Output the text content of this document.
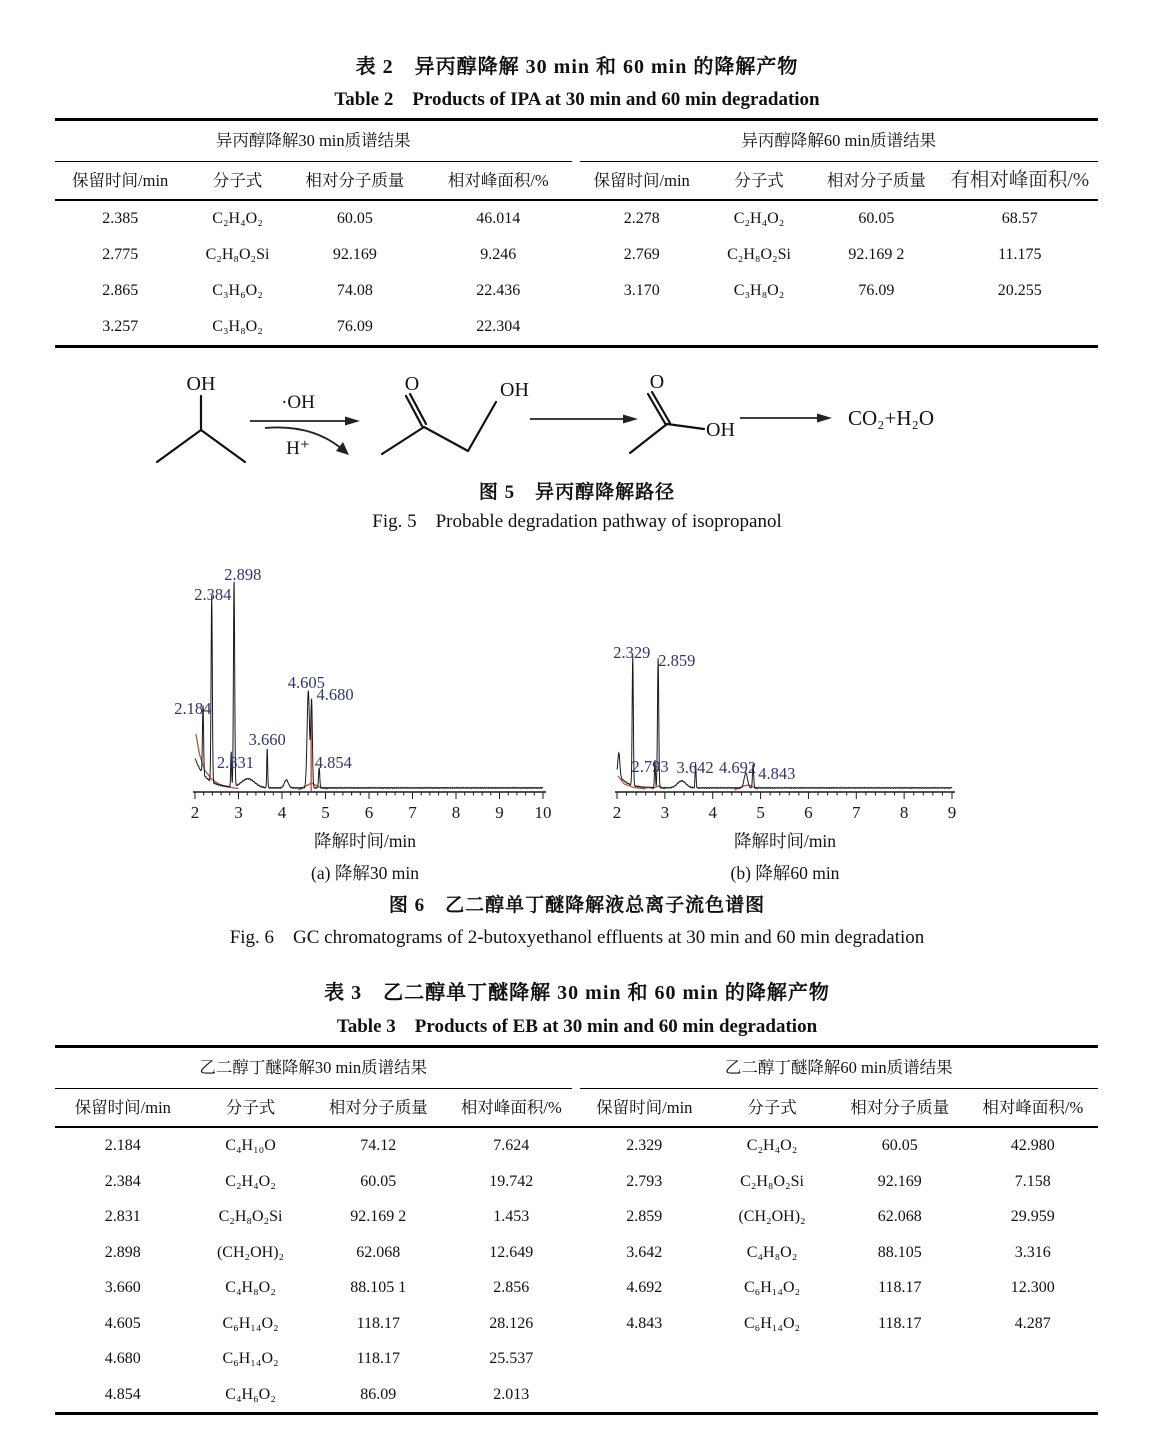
表 2　异丙醇降解 30 min 和 60 min 的降解产物
Table 2　Products of IPA at 30 min and 60 min degradation
异丙醇降解30 min质谱结果
保留时间/min	分子式	相对分子质量	相对峰面积/%
2.385	C₂H₄O₂	60.05	46.014
2.775	C₂H₈O₂Si	92.169	9.246
2.865	C₃H₆O₂	74.08	22.436
3.257	C₃H₈O₂	76.09	22.304
异丙醇降解60 min质谱结果
保留时间/min	分子式	相对分子质量	有相对峰面积/%
2.278	C₂H₄O₂	60.05	68.57
2.769	C₂H₈O₂Si	92.169 2	11.175
3.170	C₃H₈O₂	76.09	20.255
OH
·OH
H⁺
O	OH	O
OH	CO₂+H₂O
图 5　异丙醇降解路径
Fig. 5　Probable degradation pathway of isopropanol
2 3 4 5 6 7 8 9 10
2.184
2.384
2.831
2.898
3.660
4.605
4.680
4.854
降解时间/min
(a) 降解30 min
2 3 4 5 6 7 8 9
2.329
2.793
2.859
3.642 4.692 4.843
降解时间/min
(b) 降解60 min
图 6　乙二醇单丁醚降解液总离子流色谱图
Fig. 6　GC chromatograms of 2-butoxyethanol effluents at 30 min and 60 min degradation
表 3　乙二醇单丁醚降解 30 min 和 60 min 的降解产物
Table 3　Products of EB at 30 min and 60 min degradation
乙二醇丁醚降解30 min质谱结果
保留时间/min	分子式	相对分子质量	相对峰面积/%
2.184	C₄H₁₀O	74.12	7.624
2.384	C₂H₄O₂	60.05	19.742
2.831	C₂H₈O₂Si	92.169 2	1.453
2.898	(CH₂OH)₂	62.068	12.649
3.660	C₄H₈O₂	88.105 1	2.856
4.605	C₆H₁₄O₂	118.17	28.126
4.680	C₆H₁₄O₂	118.17	25.537
4.854	C₄H₆O₂	86.09	2.013
乙二醇丁醚降解60 min质谱结果
保留时间/min	分子式	相对分子质量	相对峰面积/%
2.329	C₂H₄O₂	60.05	42.980
2.793	C₂H₈O₂Si	92.169	7.158
2.859	(CH₂OH)₂	62.068	29.959
3.642	C₄H₈O₂	88.105	3.316
4.692	C₆H₁₄O₂	118.17	12.300
4.843	C₆H₁₄O₂	118.17	4.287
